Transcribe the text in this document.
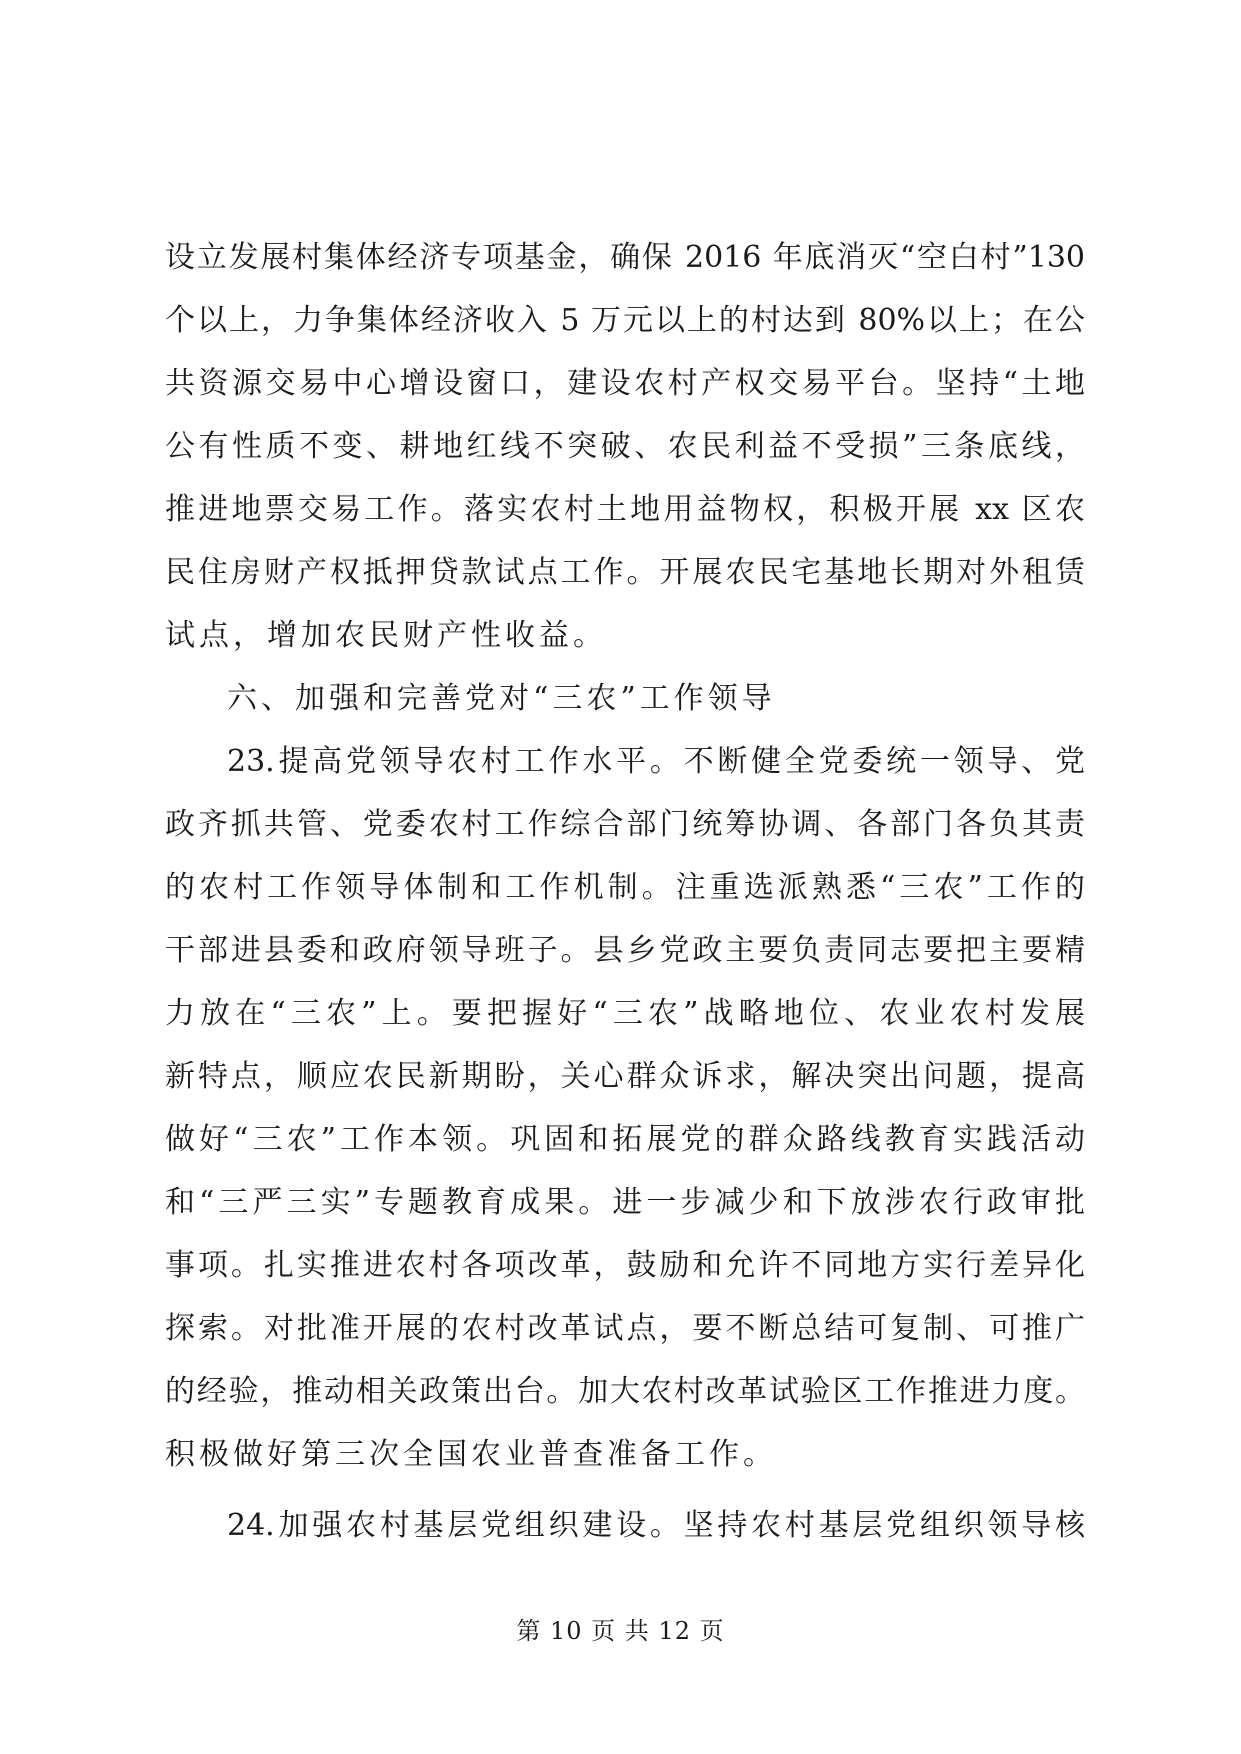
设立发展村集体经济专项基金，确保 2016 年底消灭“空白村”130
个以上，力争集体经济收入 5 万元以上的村达到 80%以上；在公
共资源交易中心增设窗口，建设农村产权交易平台。坚持“土地
公有性质不变、耕地红线不突破、农民利益不受损”三条底线，
推进地票交易工作。落实农村土地用益物权，积极开展 xx 区农
民住房财产权抵押贷款试点工作。开展农民宅基地长期对外租赁
试点，增加农民财产性收益。
六、加强和完善党对“三农”工作领导
23.提高党领导农村工作水平。不断健全党委统一领导、党
政齐抓共管、党委农村工作综合部门统筹协调、各部门各负其责
的农村工作领导体制和工作机制。注重选派熟悉“三农”工作的
干部进县委和政府领导班子。县乡党政主要负责同志要把主要精
力放在“三农”上。要把握好“三农”战略地位、农业农村发展
新特点，顺应农民新期盼，关心群众诉求，解决突出问题，提高
做好“三农”工作本领。巩固和拓展党的群众路线教育实践活动
和“三严三实”专题教育成果。进一步减少和下放涉农行政审批
事项。扎实推进农村各项改革，鼓励和允许不同地方实行差异化
探索。对批准开展的农村改革试点，要不断总结可复制、可推广
的经验，推动相关政策出台。加大农村改革试验区工作推进力度。
积极做好第三次全国农业普查准备工作。
24.加强农村基层党组织建设。坚持农村基层党组织领导核
第 10 页 共 12 页
